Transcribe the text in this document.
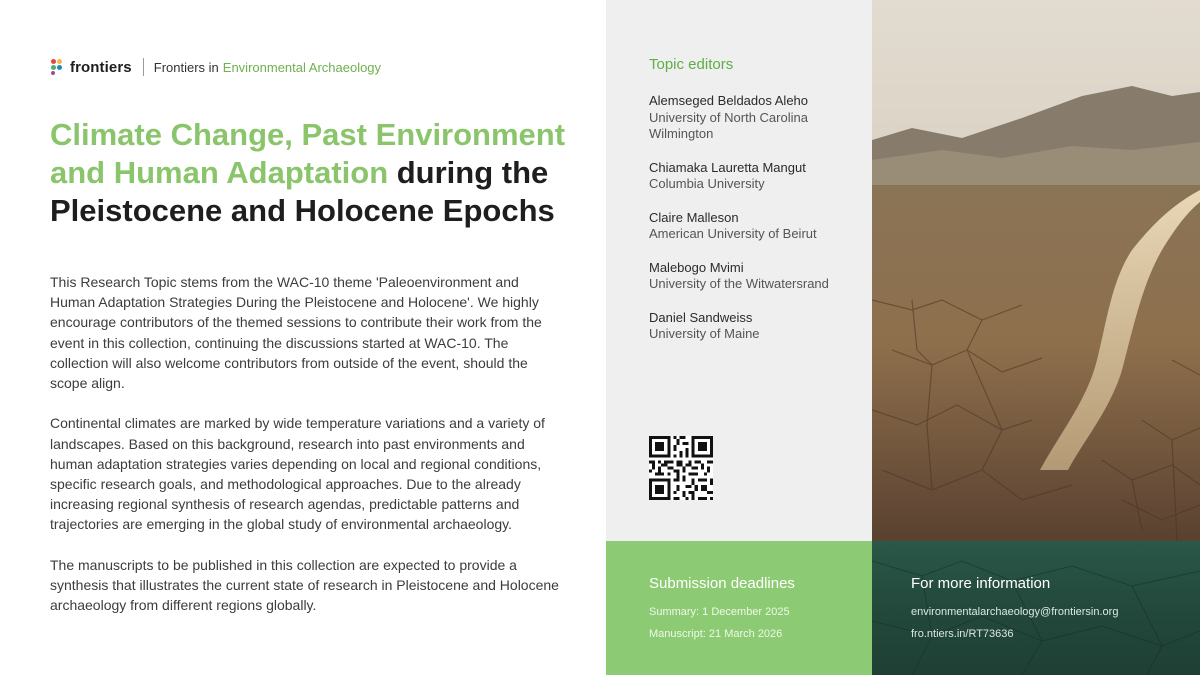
frontiers Frontiers in Environmental Archaeology
Climate Change, Past Environment and Human Adaptation during the Pleistocene and Holocene Epochs

This Research Topic stems from the WAC-10 theme 'Paleoenvironment and Human Adaptation Strategies During the Pleistocene and Holocene'. We highly encourage contributors of the themed sessions to contribute their work from the event in this collection, continuing the discussions started at WAC-10. The collection will also welcome contributors from outside of the event, should the scope align.

Continental climates are marked by wide temperature variations and a variety of landscapes. Based on this background, research into past environments and human adaptation strategies varies depending on local and regional conditions, specific research goals, and methodological approaches. Due to the already increasing regional synthesis of research agendas, predictable patterns and trajectories are emerging in the global study of environmental archaeology.

The manuscripts to be published in this collection are expected to provide a synthesis that illustrates the current state of research in Pleistocene and Holocene archaeology from different regions globally.

Topic editors
Alemseged Beldados Aleho
University of North Carolina Wilmington
Chiamaka Lauretta Mangut
Columbia University
Claire Malleson
American University of Beirut
Malebogo Mvimi
University of the Witwatersrand
Daniel Sandweiss
University of Maine
Submission deadlines
Summary: 1 December 2025
Manuscript: 21 March 2026
For more information
environmentalarchaeology@frontiersin.org
fro.ntiers.in/RT73636
